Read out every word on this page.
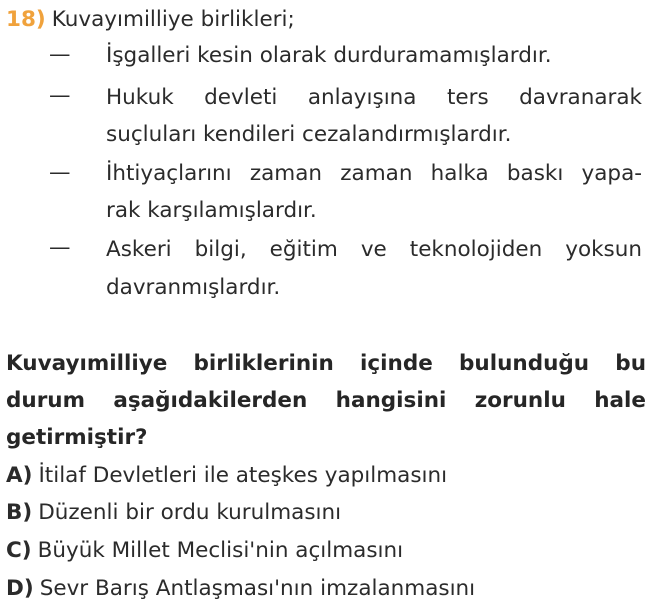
18) Kuvayımilliye birlikleri;
— İşgalleri kesin olarak durduramamışlardır.
— Hukuk devleti anlayışına ters davranarak
suçluları kendileri cezalandırmışlardır.
— İhtiyaçlarını zaman zaman halka baskı yapa-
rak karşılamışlardır.
— Askeri bilgi, eğitim ve teknolojiden yoksun
davranmışlardır.
Kuvayımilliye birliklerinin içinde bulunduğu bu
durum aşağıdakilerden hangisini zorunlu hale
getirmiştir?
A) İtilaf Devletleri ile ateşkes yapılmasını
B) Düzenli bir ordu kurulmasını
C) Büyük Millet Meclisi'nin açılmasını
D) Sevr Barış Antlaşması'nın imzalanmasını
